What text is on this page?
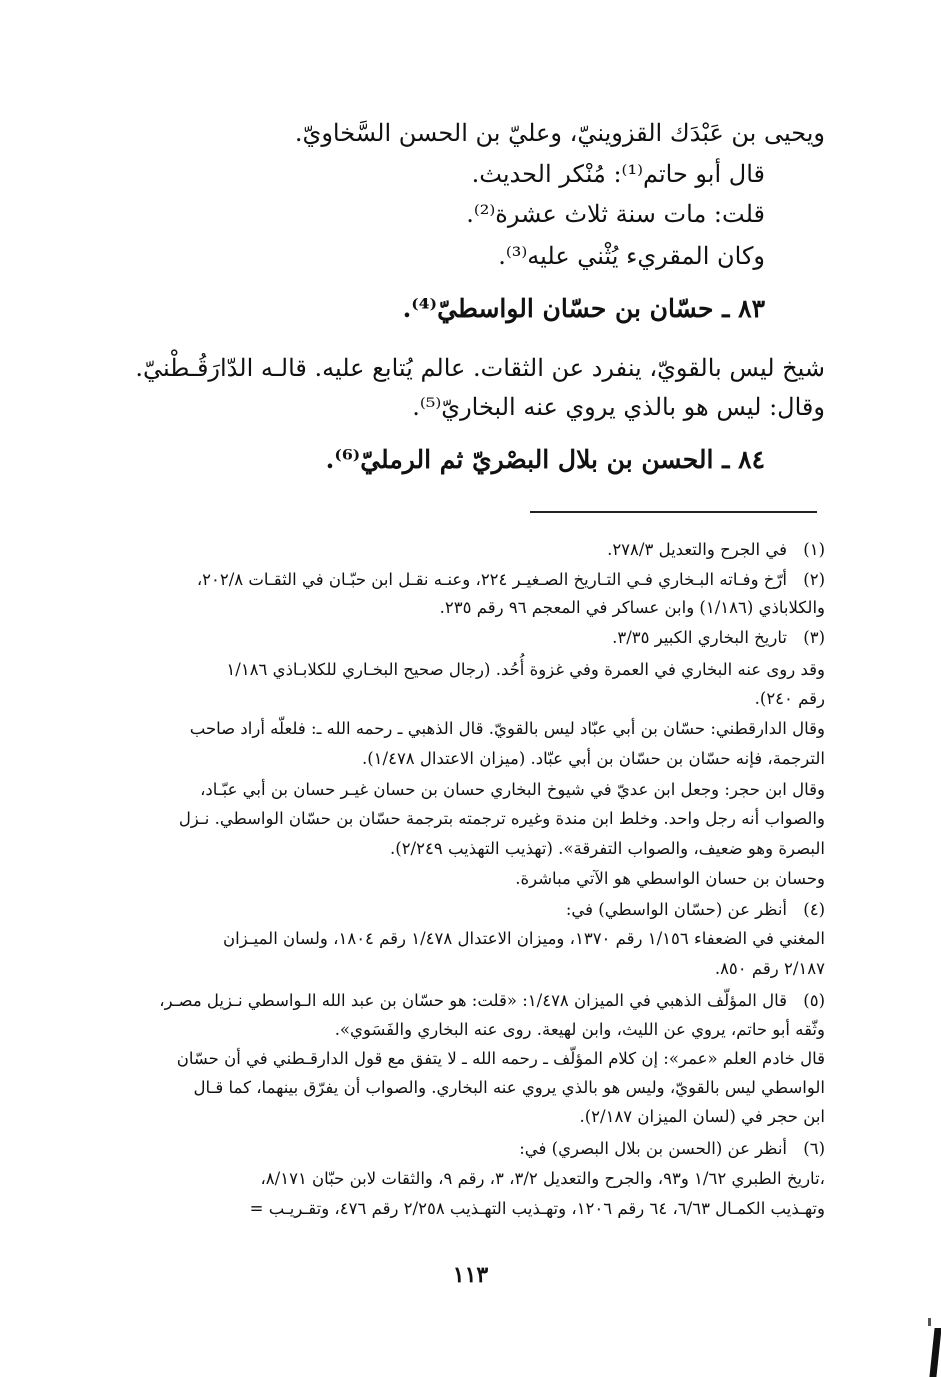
ويحيى بن عَبْدَك القزوينيّ، وعليّ بن الحسن السَّخاويّ.
قال أبو حاتم⁽¹⁾: مُنْكر الحديث.
قلت: مات سنة ثلاث عشرة⁽²⁾.
وكان المقريء يُثْني عليه⁽³⁾.
٨٣ ـ حسّان بن حسّان الواسطيّ⁽⁴⁾.
شيخ ليس بالقويّ، ينفرد عن الثقات. عالم يُتابع عليه. قالـه الدّارَقُـطْنيّ.
وقال: ليس هو بالذي يروي عنه البخاريّ⁽⁵⁾.
٨٤ ـ الحسن بن بلال البصْريّ ثم الرمليّ⁽⁶⁾.
(١)
في الجرح والتعديل ٢٧٨/٣.
(٢)
أرّخ وفـاته البـخاري فـي التـاريخ الصـغيـر ٢٢٤، وعنـه نقـل ابن حبّـان في الثقـات ٢٠٢/٨،
والكلاباذي (١/١٨٦) وابن عساكر في المعجم ٩٦ رقم ٢٣٥.
(٣)
تاريخ البخاري الكبير ٣/٣٥.
وقد روى عنه البخاري في العمرة وفي غزوة أُحُد. (رجال صحيح البخـاري للكلابـاذي ١/١٨٦
رقم ٢٤٠).
وقال الدارقطني: حسّان بن أبي عبّاد ليس بالقويّ. قال الذهبي ـ رحمه الله ـ: فلعلّه أراد صاحب
الترجمة، فإنه حسّان بن حسّان بن أبي عبّاد. (ميزان الاعتدال ١/٤٧٨).
وقال ابن حجر: وجعل ابن عديّ في شيوخ البخاري حسان بن حسان غيـر حسان بن أبي عبّـاد،
والصواب أنه رجل واحد. وخلط ابن مندة وغيره ترجمته بترجمة حسّان بن حسّان الواسطي. نـزل
البصرة وهو ضعيف، والصواب التفرقة». (تهذيب التهذيب ٢/٢٤٩).
وحسان بن حسان الواسطي هو الآتي مباشرة.
(٤)
أنظر عن (حسّان الواسطي) في:
المغني في الضعفاء ١/١٥٦ رقم ١٣٧٠، وميزان الاعتدال ١/٤٧٨ رقم ١٨٠٤، ولسان الميـزان
٢/١٨٧ رقم ٨٥٠.
(٥)
قال المؤلّف الذهبي في الميزان ١/٤٧٨: «قلت: هو حسّان بن عبد الله الـواسطي نـزيل مصـر،
وثّقه أبو حاتم، يروي عن الليث، وابن لهيعة. روى عنه البخاري والفَسَوي».
قال خادم العلم «عمر»: إن كلام المؤلّف ـ رحمه الله ـ لا يتفق مع قول الدارقـطني في أن حسّان
الواسطي ليس بالقويّ، وليس هو بالذي يروي عنه البخاري. والصواب أن يفرّق بينهما، كما قـال
ابن حجر في (لسان الميزان ٢/١٨٧).
(٦)
أنظر عن (الحسن بن بلال البصري) في:
،تاريخ الطبري ١/٦٢ و٩٣، والجرح والتعديل ٣/٢، ٣، رقم ٩، والثقات لابن حبّان ٨/١٧١،
وتهـذيب الكمـال ٦/٦٣، ٦٤ رقم ١٢٠٦، وتهـذيب التهـذيب ٢/٢٥٨ رقم ٤٧٦، وتقـريـب =
١١٣
